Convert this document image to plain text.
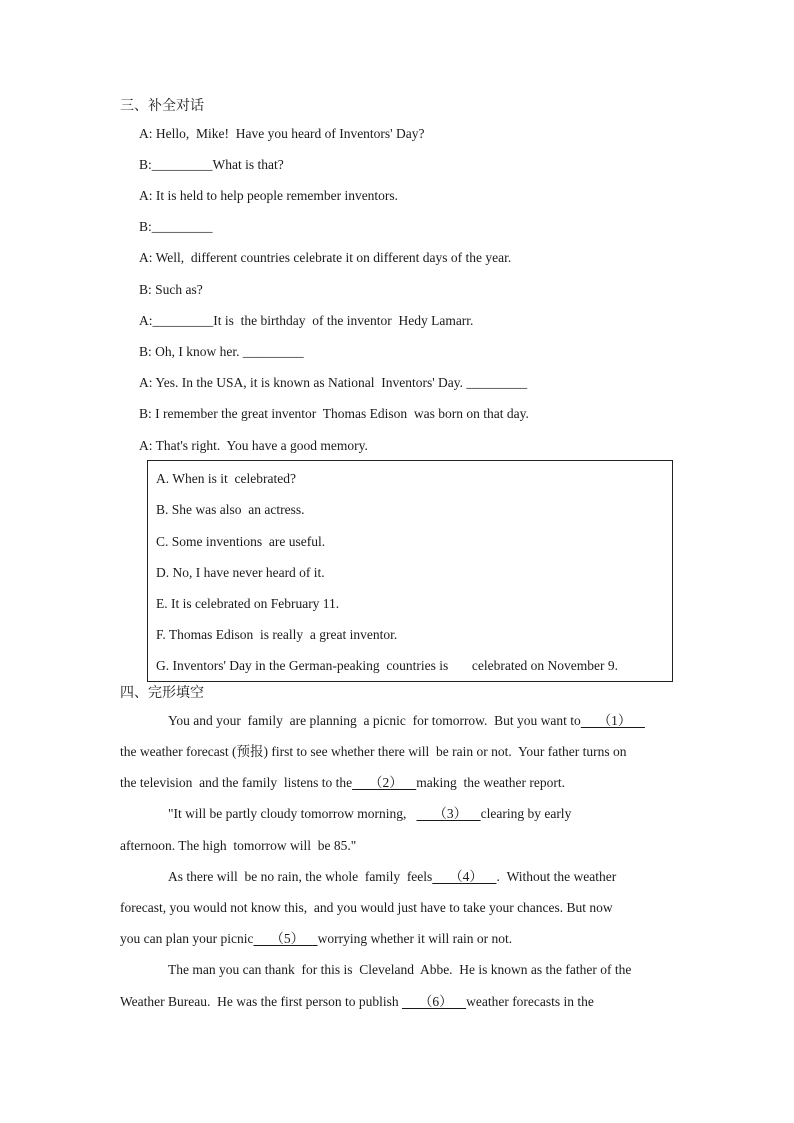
三、补全对话
A: Hello,  Mike!  Have you heard of Inventors' Day?
B:_________What is that?
A: It is held to help people remember inventors.
B:_________
A: Well,  different countries celebrate it on different days of the year.
B: Such as?
A:_________It is  the birthday  of the inventor  Hedy Lamarr.
B: Oh, I know her. _________
A: Yes. In the USA, it is known as National  Inventors' Day. _________
B: I remember the great inventor  Thomas Edison  was born on that day.
A: That's right.  You have a good memory.
A. When is it  celebrated?
B. She was also  an actress.
C. Some inventions  are useful.
D. No, I have never heard of it.
E. It is celebrated on February 11.
F. Thomas Edison  is really  a great inventor.
G. Inventors' Day in the German-peaking  countries is       celebrated on November 9.
四、完形填空
You and your  family  are planning  a picnic  for tomorrow.  But you want to     （1）
the weather forecast (预报) first to see whether there will  be rain or not.  Your father turns on
the television  and the family  listens to the     （2）    making  the weather report.
"It will be partly cloudy tomorrow morning,        （3）    clearing by early
afternoon. The high  tomorrow will  be 85."
As there will  be no rain, the whole  family  feels     （4）    .  Without the weather
forecast, you would not know this,  and you would just have to take your chances. But now
you can plan your picnic     （5）    worrying whether it will rain or not.
The man you can thank  for this is  Cleveland  Abbe.  He is known as the father of the
Weather Bureau.  He was the first person to publish      （6）    weather forecasts in the
